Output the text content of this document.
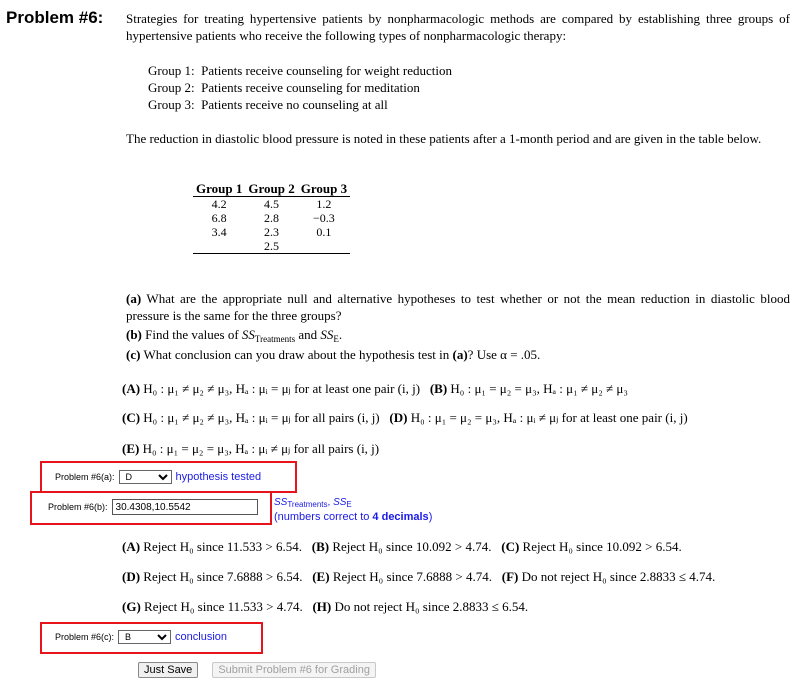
Problem #6: Strategies for treating hypertensive patients by nonpharmacologic methods are compared by establishing three groups of hypertensive patients who receive the following types of nonpharmacologic therapy:
Group 1: Patients receive counseling for weight reduction
Group 2: Patients receive counseling for meditation
Group 3: Patients receive no counseling at all
The reduction in diastolic blood pressure is noted in these patients after a 1-month period and are given in the table below.
Group 1	Group 2	Group 3
4.2	4.5	1.2
6.8	2.8	−0.3
3.4	2.3	0.1
	2.5	
(a) What are the appropriate null and alternative hypotheses to test whether or not the mean reduction in diastolic blood pressure is the same for the three groups?
(b) Find the values of $SS_{Treatments}$ and $SS_E$.
(c) What conclusion can you draw about the hypothesis test in (a)? Use α = .05.
(A) H₀ : μ₁ ≠ μ₂ ≠ μ₃, Hₐ : μᵢ = μⱼ for at least one pair (i, j) (B) H₀ : μ₁ = μ₂ = μ₃, Hₐ : μ₁ ≠ μ₂ ≠ μ₃
(C) H₀ : μ₁ ≠ μ₂ ≠ μ₃, Hₐ : μᵢ = μⱼ for all pairs (i, j) (D) H₀ : μ₁ = μ₂ = μ₃, Hₐ : μᵢ ≠ μⱼ for at least one pair (i, j)
(E) H₀ : μ₁ = μ₂ = μ₃, Hₐ : μᵢ ≠ μⱼ for all pairs (i, j)
Problem #6(a):
D	hypothesis tested
Problem #6(b):
30.4308,10.5542	$SS_{Treatments}$, $SS_E$
(numbers correct to 4 decimals)
(A) Reject H₀ since 11.533 > 6.54. (B) Reject H₀ since 10.092 > 4.74. (C) Reject H₀ since 10.092 > 6.54.
(D) Reject H₀ since 7.6888 > 6.54. (E) Reject H₀ since 7.6888 > 4.74. (F) Do not reject H₀ since 2.8833 ≤ 4.74.
(G) Reject H₀ since 11.533 > 4.74. (H) Do not reject H₀ since 2.8833 ≤ 6.54.
Problem #6(c):
B	conclusion
Just Save	Submit Problem #6 for Grading
